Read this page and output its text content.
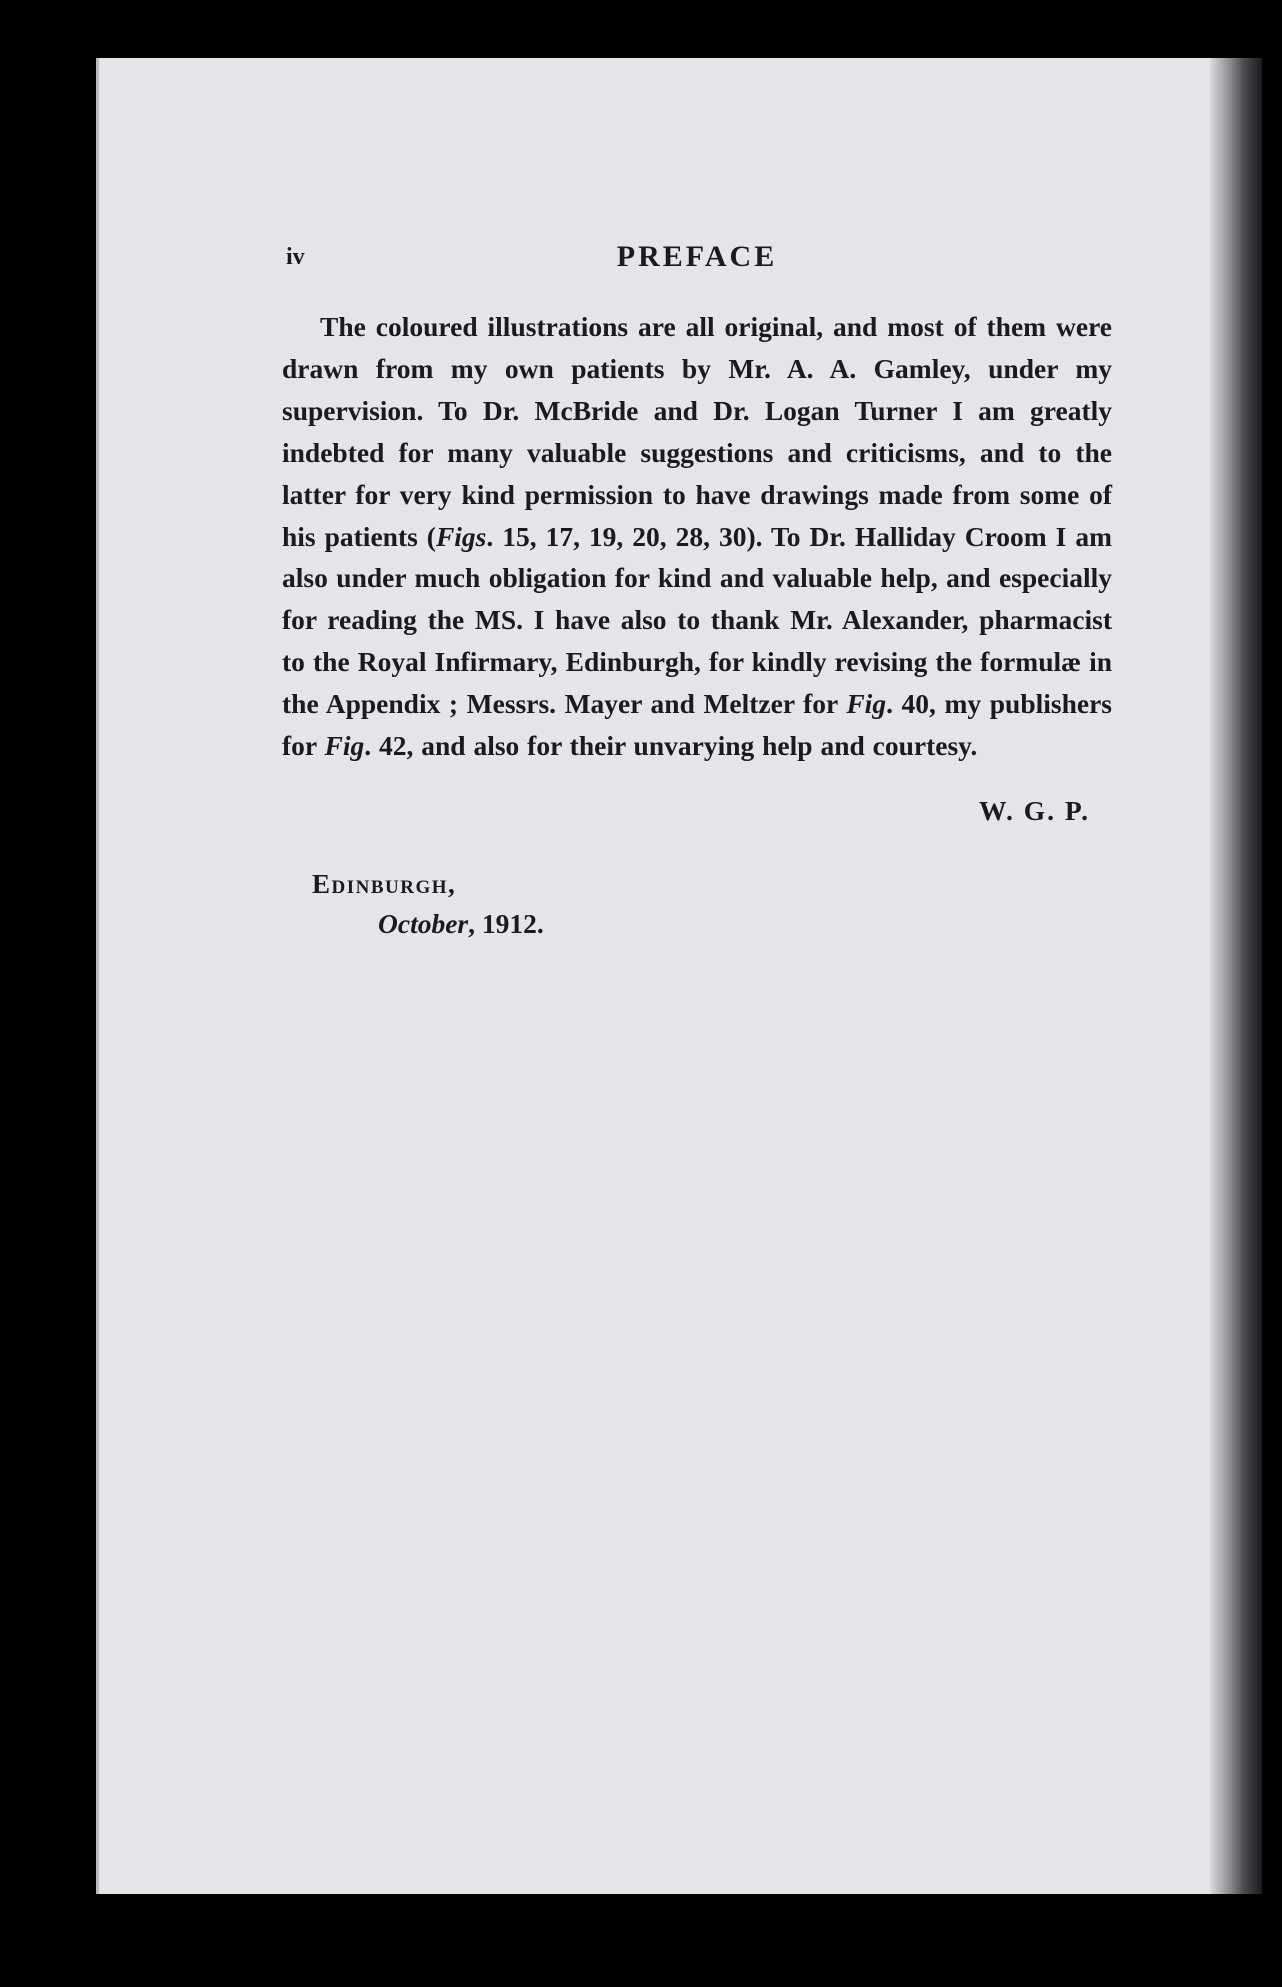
iv	PREFACE

The coloured illustrations are all original, and most of them were drawn from my own patients by Mr. A. A. Gamley, under my supervision. To Dr. McBride and Dr. Logan Turner I am greatly indebted for many valuable suggestions and criticisms, and to the latter for very kind permission to have drawings made from some of his patients (Figs. 15, 17, 19, 20, 28, 30). To Dr. Halliday Croom I am also under much obligation for kind and valuable help, and especially for reading the MS. I have also to thank Mr. Alexander, pharmacist to the Royal Infirmary, Edinburgh, for kindly revising the formulæ in the Appendix ; Messrs. Mayer and Meltzer for Fig. 40, my publishers for Fig. 42, and also for their unvarying help and courtesy.

W. G. P.
Edinburgh,
October, 1912.
